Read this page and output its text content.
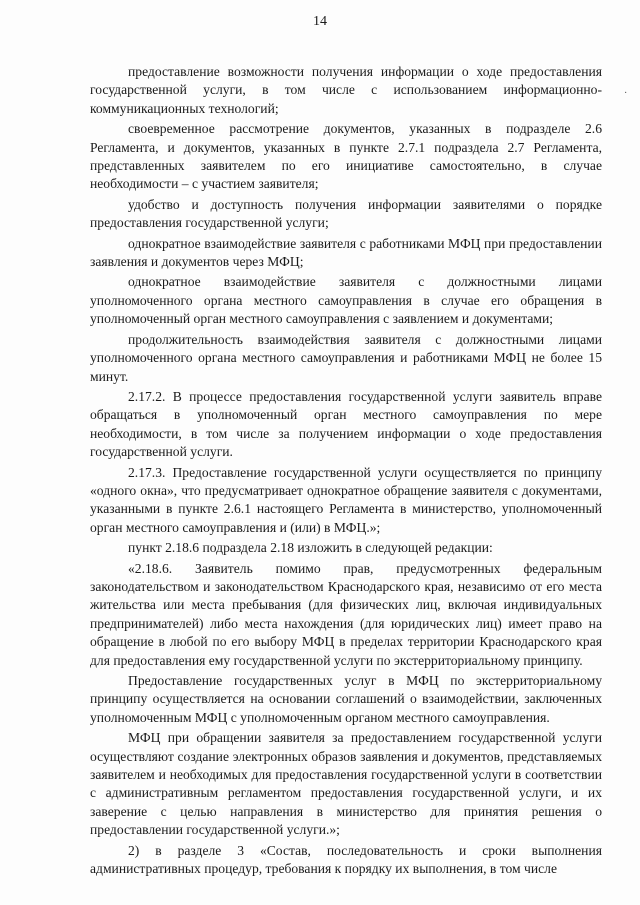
14
·

предоставление возможности получения информации о ходе предоставления государственной услуги, в том числе с использованием информационно-коммуникационных технологий;

своевременное рассмотрение документов, указанных в подразделе 2.6 Регламента, и документов, указанных в пункте 2.7.1 подраздела 2.7 Регламента, представленных заявителем по его инициативе самостоятельно, в случае необходимости – с участием заявителя;

удобство и доступность получения информации заявителями о порядке предоставления государственной услуги;

однократное взаимодействие заявителя с работниками МФЦ при предоставлении заявления и документов через МФЦ;

однократное взаимодействие заявителя с должностными лицами уполномоченного органа местного самоуправления в случае его обращения в уполномоченный орган местного самоуправления с заявлением и документами;

продолжительность взаимодействия заявителя с должностными лицами уполномоченного органа местного самоуправления и работниками МФЦ не более 15 минут.

2.17.2. В процессе предоставления государственной услуги заявитель вправе обращаться в уполномоченный орган местного самоуправления по мере необходимости, в том числе за получением информации о ходе предоставления государственной услуги.

2.17.3. Предоставление государственной услуги осуществляется по принципу «одного окна», что предусматривает однократное обращение заявителя с документами, указанными в пункте 2.6.1 настоящего Регламента в министерство, уполномоченный орган местного самоуправления и (или) в МФЦ.»;

пункт 2.18.6 подраздела 2.18 изложить в следующей редакции:

«2.18.6. Заявитель помимо прав, предусмотренных федеральным законодательством и законодательством Краснодарского края, независимо от его места жительства или места пребывания (для физических лиц, включая индивидуальных предпринимателей) либо места нахождения (для юридических лиц) имеет право на обращение в любой по его выбору МФЦ в пределах территории Краснодарского края для предоставления ему государственной услуги по экстерриториальному принципу.

Предоставление государственных услуг в МФЦ по экстерриториальному принципу осуществляется на основании соглашений о взаимодействии, заключенных уполномоченным МФЦ с уполномоченным органом местного самоуправления.

МФЦ при обращении заявителя за предоставлением государственной услуги осуществляют создание электронных образов заявления и документов, представляемых заявителем и необходимых для предоставления государственной услуги в соответствии с административным регламентом предоставления государственной услуги, и их заверение с целью направления в министерство для принятия решения о предоставлении государственной услуги.»;

2) в разделе 3 «Состав, последовательность и сроки выполнения административных процедур, требования к порядку их выполнения, в том числе
